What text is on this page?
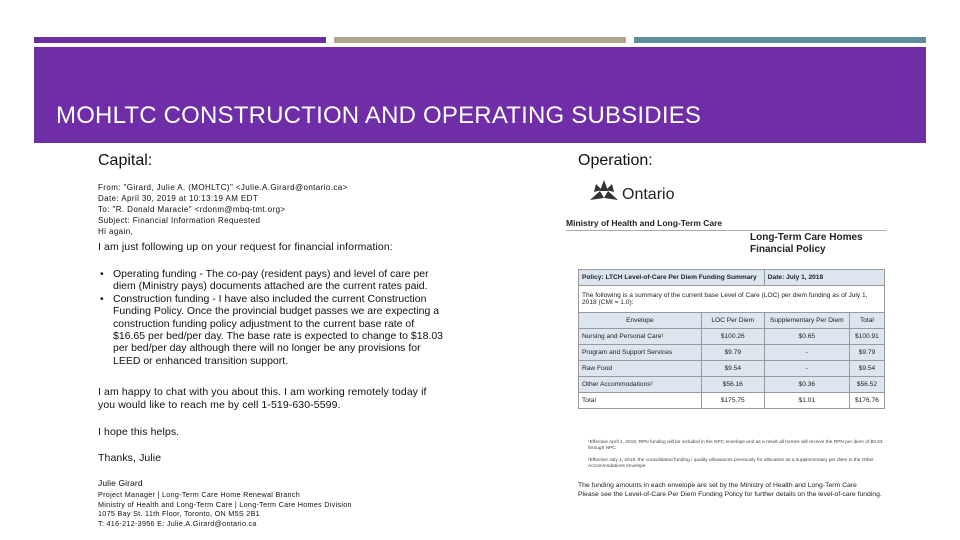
MOHLTC CONSTRUCTION AND OPERATING SUBSIDIES
Capital:
From: "Girard, Julie A. (MOHLTC)" <Julie.A.Girard@ontario.ca>
Date: April 30, 2019 at 10:13:19 AM EDT
To: "R. Donald Maracle" <rdonm@mbq-tmt.org>
Subject: Financial Information Requested
Hi again,
I am just following up on your request for financial information:
• Operating funding - The co-pay (resident pays) and level of care per diem (Ministry pays) documents attached are the current rates paid.
• Construction funding - I have also included the current Construction Funding Policy. Once the provincial budget passes we are expecting a construction funding policy adjustment to the current base rate of $16.65 per bed/per day. The base rate is expected to change to $18.03 per bed/per day although there will no longer be any provisions for LEED or enhanced transition support.
I am happy to chat with you about this. I am working remotely today if you would like to reach me by cell 1-519-630-5599.
I hope this helps.
Thanks, Julie
Julie Girard
Project Manager | Long-Term Care Home Renewal Branch
Ministry of Health and Long-Term Care | Long-Term Care Homes Division
1075 Bay St. 11th Floor, Toronto, ON M5S 2B1
T: 416-212-3956 E: Julie.A.Girard@ontario.ca
Operation:
Ontario
Ministry of Health and Long-Term Care
Long-Term Care Homes
Financial Policy
Policy: LTCH Level-of-Care Per Diem Funding Summary		Date: July 1, 2018	
The following is a summary of the current base Level of Care (LOC) per diem funding as of July 1, 2018 (CMI = 1.0):			
Envelope	LOC Per Diem	Supplementary Per Diem	Total
Nursing and Personal Care¹	$100.26	$0.65	$100.91
Program and Support Services	$9.79	-	$9.79
Raw Food	$9.54	-	$9.54
Other Accommodations²	$56.16	$0.36	$56.52
Total	$175.75	$1.01	$176.76
¹Effective April 1, 2018, RPN funding will be included in the NPC envelope and as a result all homes will receive the RPN per diem of $0.53 through NPC
²Effective July 1, 2018, the consolidated funding / quality allowances previously for allocation as a supplementary per diem in the Other Accommodations envelope
The funding amounts in each envelope are set by the Ministry of Health and Long-Term Care
Please see the Level-of-Care Per Diem Funding Policy for further details on the level-of-care funding.
